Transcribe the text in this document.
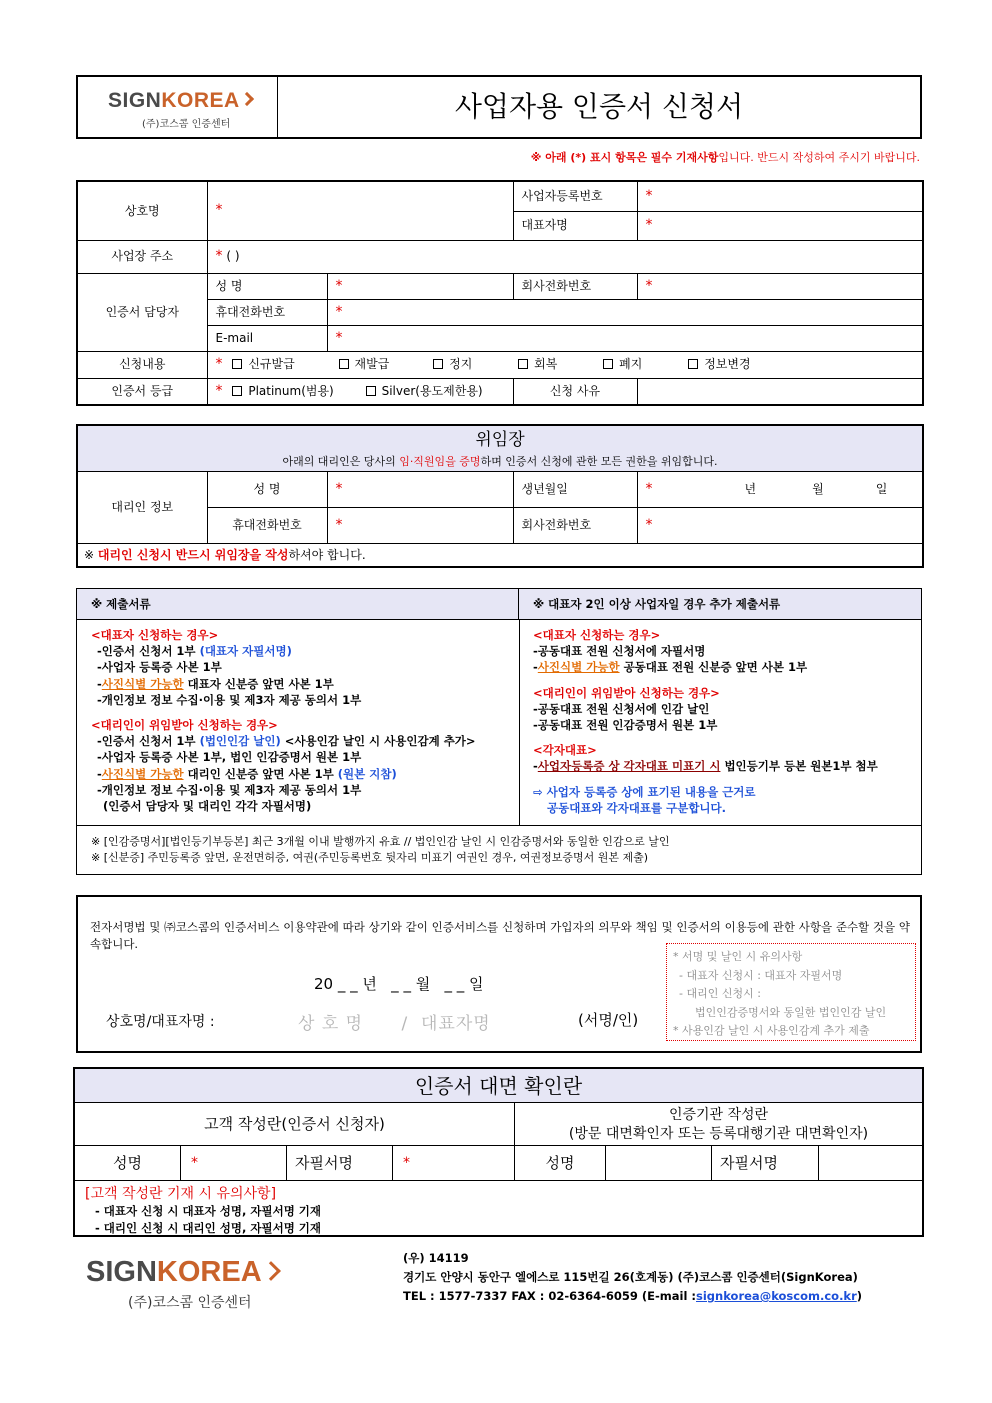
SIGNKOREA
(주)코스콤 인증센터
사업자용 인증서 신청서
※ 아래 (*) 표시 항목은 필수 기재사항입니다. 반드시 작성하여 주시기 바랍니다.
상호명	*		사업자등록번호	*
			대표자명	*
사업장 주소	* ( )			
인증서 담당자	성 명	*	회사전화번호	*
	휴대전화번호	*		
	E-mail	*		
신청내용	* 신규발급 재발급 정지 회복 폐지 정보변경			
인증서 등급	* Platinum(범용) Silver(용도제한용)		신청 사유	
위임장
아래의 대리인은 당사의 임·직원임을 증명하며 인증서 신청에 관한 모든 권한을 위임합니다.				

대리인 정보	성 명	*	생년월일	* 년 월 일
	휴대전화번호	*	회사전화번호	*
※ 대리인 신청시 반드시 위임장을 작성하셔야 합니다.				
※ 제출서류	※ 대표자 2인 이상 사업자일 경우 추가 제출서류
<대표자 신청하는 경우>
-인증서 신청서 1부 (대표자 자필서명)
-사업자 등록증 사본 1부
-사진식별 가능한 대표자 신분증 앞면 사본 1부
-개인정보 정보 수집·이용 및 제3자 제공 동의서 1부
<대리인이 위임받아 신청하는 경우>
-인증서 신청서 1부 (법인인감 날인) <사용인감 날인 시 사용인감계 추가>
-사업자 등록증 사본 1부, 법인 인감증명서 원본 1부
-사진식별 가능한 대리인 신분증 앞면 사본 1부 (원본 지참)
-개인정보 정보 수집·이용 및 제3자 제공 동의서 1부
(인증서 담당자 및 대리인 각각 자필서명)
<대표자 신청하는 경우>
-공동대표 전원 신청서에 자필서명
-사진식별 가능한 공동대표 전원 신분증 앞면 사본 1부
<대리인이 위임받아 신청하는 경우>
-공동대표 전원 신청서에 인감 날인
-공동대표 전원 인감증명서 원본 1부
<각자대표>
-사업자등록증 상 각자대표 미표기 시 법인등기부 등본 원본1부 첨부
⇨ 사업자 등록증 상에 표기된 내용을 근거로
공동대표와 각자대표를 구분합니다.
※ [인감증명서][법인등기부등본] 최근 3개월 이내 발행까지 유효 // 법인인감 날인 시 인감증명서와 동일한 인감으로 날인
※ [신분증] 주민등록증 앞면, 운전면허증, 여권(주민등록번호 뒷자리 미표기 여권인 경우, 여권정보증명서 원본 제출)
전자서명법 및 ㈜코스콤의 인증서비스 이용약관에 따라 상기와 같이 인증서비스를 신청하며 가입자의 의무와 책임 및 인증서의 이용등에 관한 사항을 준수할 것을 약속합니다.
20 _ _ 년   _ _ 월   _ _ 일
상호명/대표자명 :	상 호 명      /  대표자명	(서명/인)
* 서명 및 날인 시 유의사항
- 대표자 신청시 : 대표자 자필서명
- 대리인 신청시 :
법인인감증명서와 동일한 법인인감 날인
* 사용인감 날인 시 사용인감계 추가 제출
인증서 대면 확인란
고객 작성란(인증서 신청자)	인증기관 작성란
(방문 대면확인자 또는 등록대행기관 대면확인자)
성명	*	자필서명	*	성명	자필서명
[고객 작성란 기재 시 유의사항]
- 대표자 신청 시 대표자 성명, 자필서명 기재
- 대리인 신청 시 대리인 성명, 자필서명 기재
SIGNKOREA
(주)코스콤 인증센터
(우) 14119
경기도 안양시 동안구 엘에스로 115번길 26(호계동) (주)코스콤 인증센터(SignKorea)
TEL : 1577-7337 FAX : 02-6364-6059 (E-mail :signkorea@koscom.co.kr)
